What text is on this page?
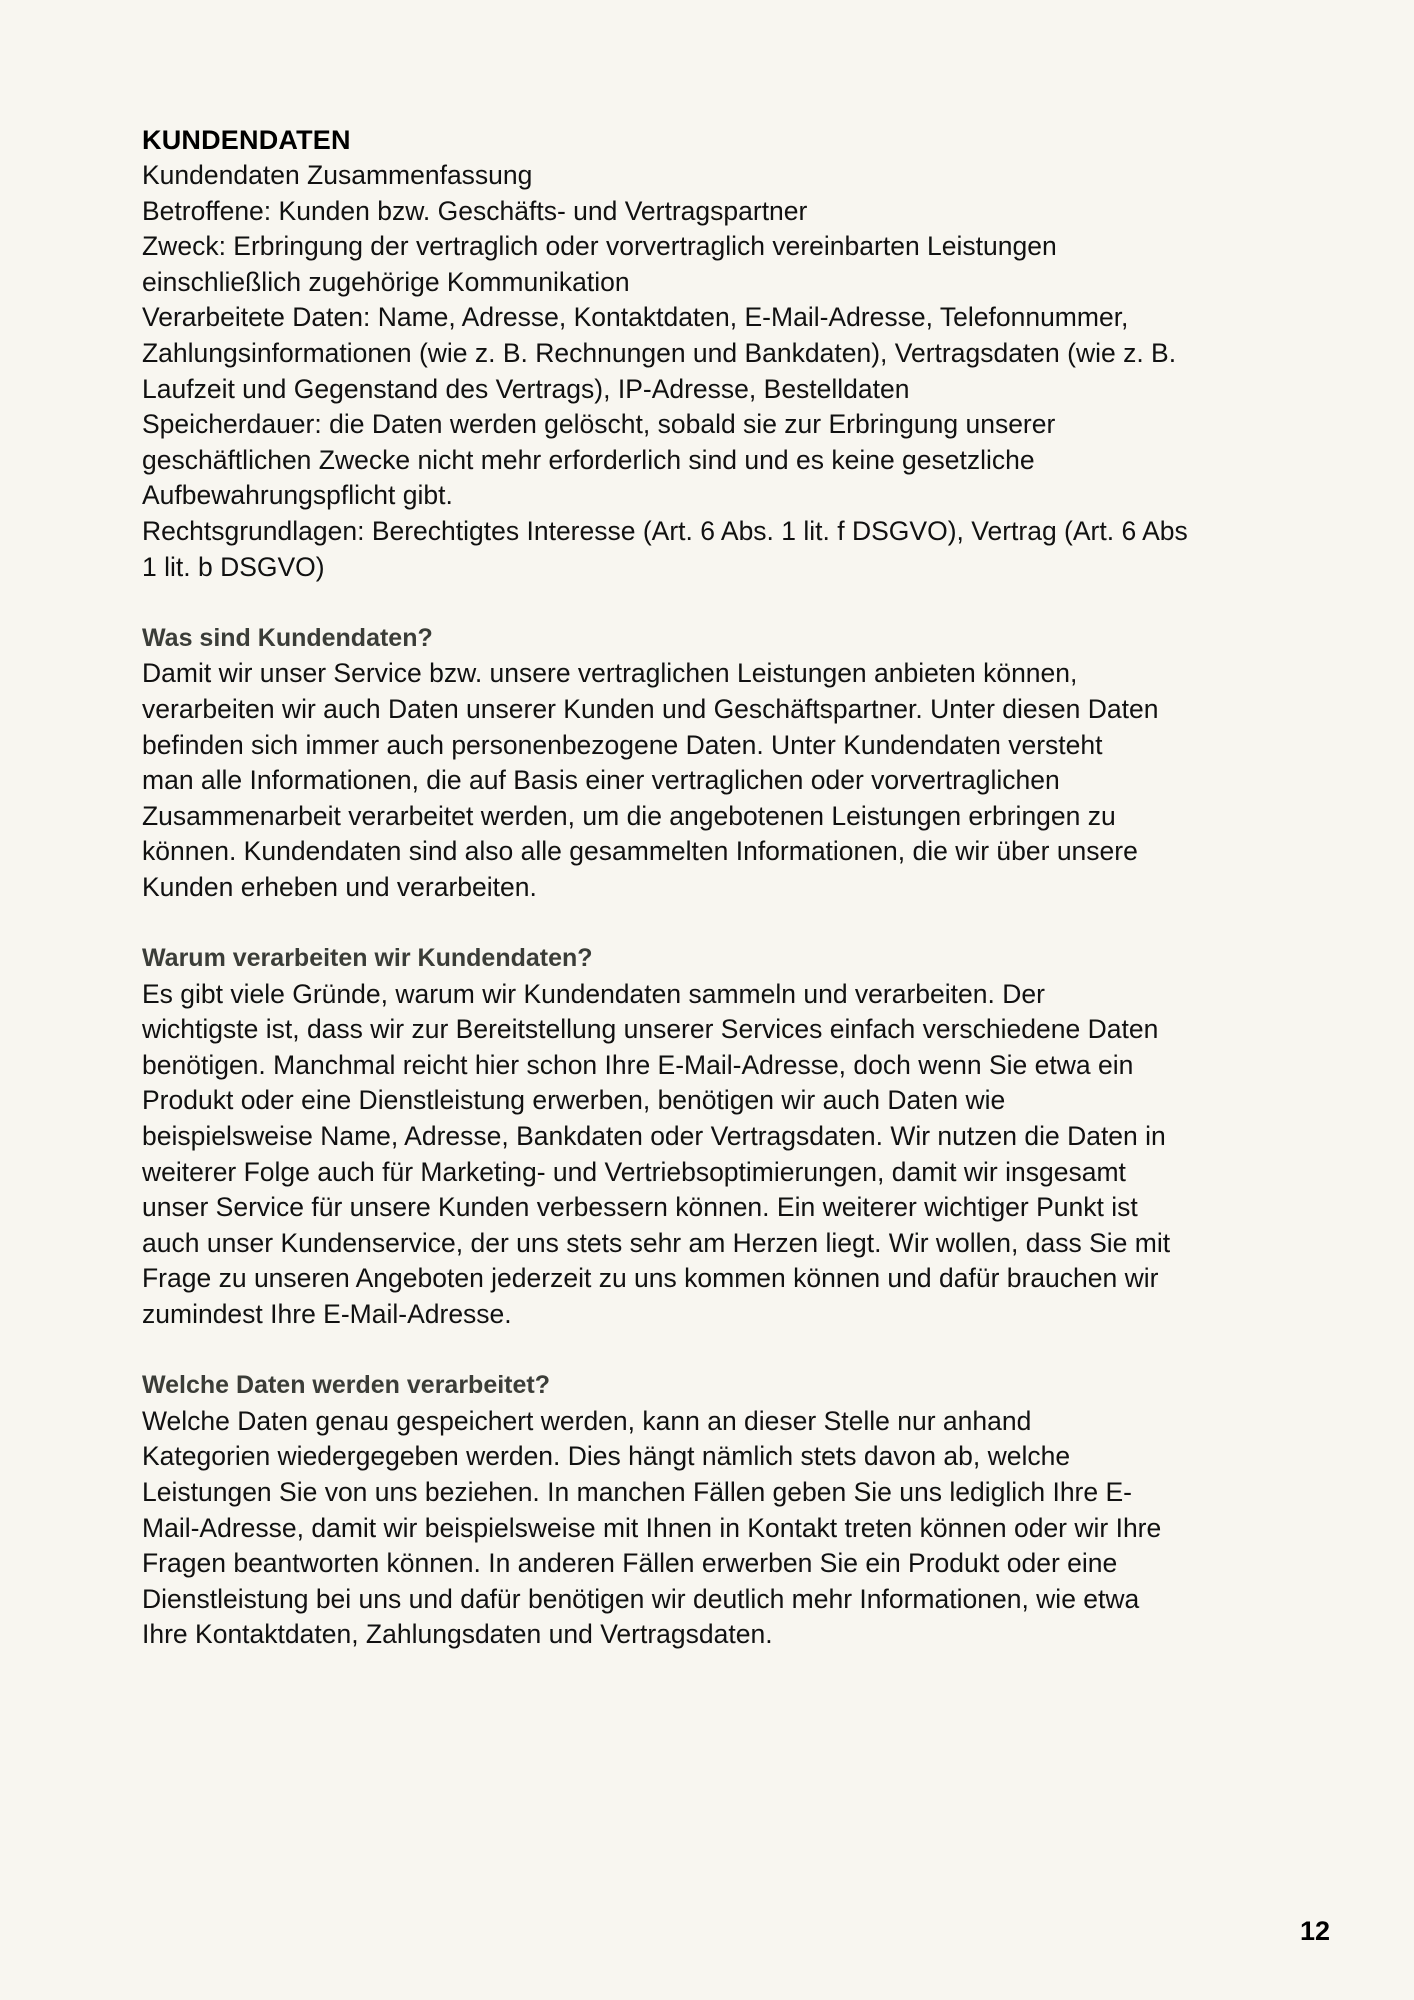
KUNDENDATEN

Kundendaten Zusammenfassung

Betroffene: Kunden bzw. Geschäfts- und Vertragspartner

Zweck: Erbringung der vertraglich oder vorvertraglich vereinbarten Leistungen

einschließlich zugehörige Kommunikation

Verarbeitete Daten: Name, Adresse, Kontaktdaten, E-Mail-Adresse, Telefonnummer,

Zahlungsinformationen (wie z. B. Rechnungen und Bankdaten), Vertragsdaten (wie z. B.

Laufzeit und Gegenstand des Vertrags), IP-Adresse, Bestelldaten

Speicherdauer: die Daten werden gelöscht, sobald sie zur Erbringung unserer

geschäftlichen Zwecke nicht mehr erforderlich sind und es keine gesetzliche

Aufbewahrungspflicht gibt.

Rechtsgrundlagen: Berechtigtes Interesse (Art. 6 Abs. 1 lit. f DSGVO), Vertrag (Art. 6 Abs

1 lit. b DSGVO)

Was sind Kundendaten?

Damit wir unser Service bzw. unsere vertraglichen Leistungen anbieten können,

verarbeiten wir auch Daten unserer Kunden und Geschäftspartner. Unter diesen Daten

befinden sich immer auch personenbezogene Daten. Unter Kundendaten versteht

man alle Informationen, die auf Basis einer vertraglichen oder vorvertraglichen

Zusammenarbeit verarbeitet werden, um die angebotenen Leistungen erbringen zu

können. Kundendaten sind also alle gesammelten Informationen, die wir über unsere

Kunden erheben und verarbeiten.

Warum verarbeiten wir Kundendaten?

Es gibt viele Gründe, warum wir Kundendaten sammeln und verarbeiten. Der

wichtigste ist, dass wir zur Bereitstellung unserer Services einfach verschiedene Daten

benötigen. Manchmal reicht hier schon Ihre E-Mail-Adresse, doch wenn Sie etwa ein

Produkt oder eine Dienstleistung erwerben, benötigen wir auch Daten wie

beispielsweise Name, Adresse, Bankdaten oder Vertragsdaten. Wir nutzen die Daten in

weiterer Folge auch für Marketing- und Vertriebsoptimierungen, damit wir insgesamt

unser Service für unsere Kunden verbessern können. Ein weiterer wichtiger Punkt ist

auch unser Kundenservice, der uns stets sehr am Herzen liegt. Wir wollen, dass Sie mit

Frage zu unseren Angeboten jederzeit zu uns kommen können und dafür brauchen wir

zumindest Ihre E-Mail-Adresse.

Welche Daten werden verarbeitet?

Welche Daten genau gespeichert werden, kann an dieser Stelle nur anhand

Kategorien wiedergegeben werden. Dies hängt nämlich stets davon ab, welche

Leistungen Sie von uns beziehen. In manchen Fällen geben Sie uns lediglich Ihre E-

Mail-Adresse, damit wir beispielsweise mit Ihnen in Kontakt treten können oder wir Ihre

Fragen beantworten können. In anderen Fällen erwerben Sie ein Produkt oder eine

Dienstleistung bei uns und dafür benötigen wir deutlich mehr Informationen, wie etwa

Ihre Kontaktdaten, Zahlungsdaten und Vertragsdaten.

12
